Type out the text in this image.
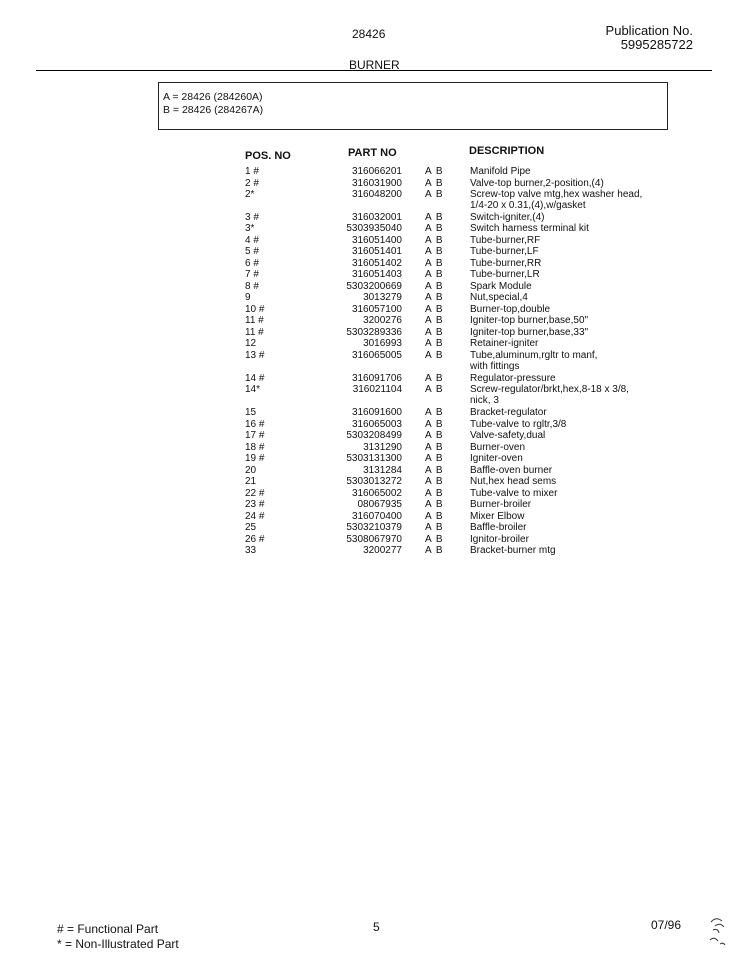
28426	Publication No.
5995285722
BURNER
A = 28426 (284260A)
B = 28426 (284267A)
POS. NO	PART NO	DESCRIPTION
1 #	316066201 A B	Manifold Pipe
2 #	316031900 A B	Valve-top burner,2-position,(4)
2*	316048200 A B	Screw-top valve mtg,hex washer head,
1/4-20 x 0.31,(4),w/gasket
3 #	316032001 A B	Switch-igniter,(4)
3*	5303935040 A B	Switch harness terminal kit
4 #	316051400 A B	Tube-burner,RF
5 #	316051401 A B	Tube-burner,LF
6 #	316051402 A B	Tube-burner,RR
7 #	316051403 A B	Tube-burner,LR
8 #	5303200669 A B	Spark Module
9	3013279 A B	Nut,special,4
10 #	316057100 A B	Burner-top,double
11 #	3200276 A B	Igniter-top burner,base,50"
11 #	5303289336 A B	Igniter-top burner,base,33"
12	3016993 A B	Retainer-igniter
13 #	316065005 A B	Tube,aluminum,rgltr to manf,
with fittings
14 #	316091706 A B	Regulator-pressure
14*	316021104 A B	Screw-regulator/brkt,hex,8-18 x 3/8,
nick, 3
15	316091600 A B	Bracket-regulator
16 #	316065003 A B	Tube-valve to rgltr,3/8
17 #	5303208499 A B	Valve-safety,dual
18 #	3131290 A B	Burner-oven
19 #	5303131300 A B	Igniter-oven
20	3131284 A B	Baffle-oven burner
21	5303013272 A B	Nut,hex head sems
22 #	316065002 A B	Tube-valve to mixer
23 #	08067935 A B	Burner-broiler
24 #	316070400 A B	Mixer Elbow
25	5303210379 A B	Baffle-broiler
26 #	5308067970 A B	Ignitor-broiler
33	3200277 A B	Bracket-burner mtg
# = Functional Part
* = Non-Illustrated Part
5	07/96
